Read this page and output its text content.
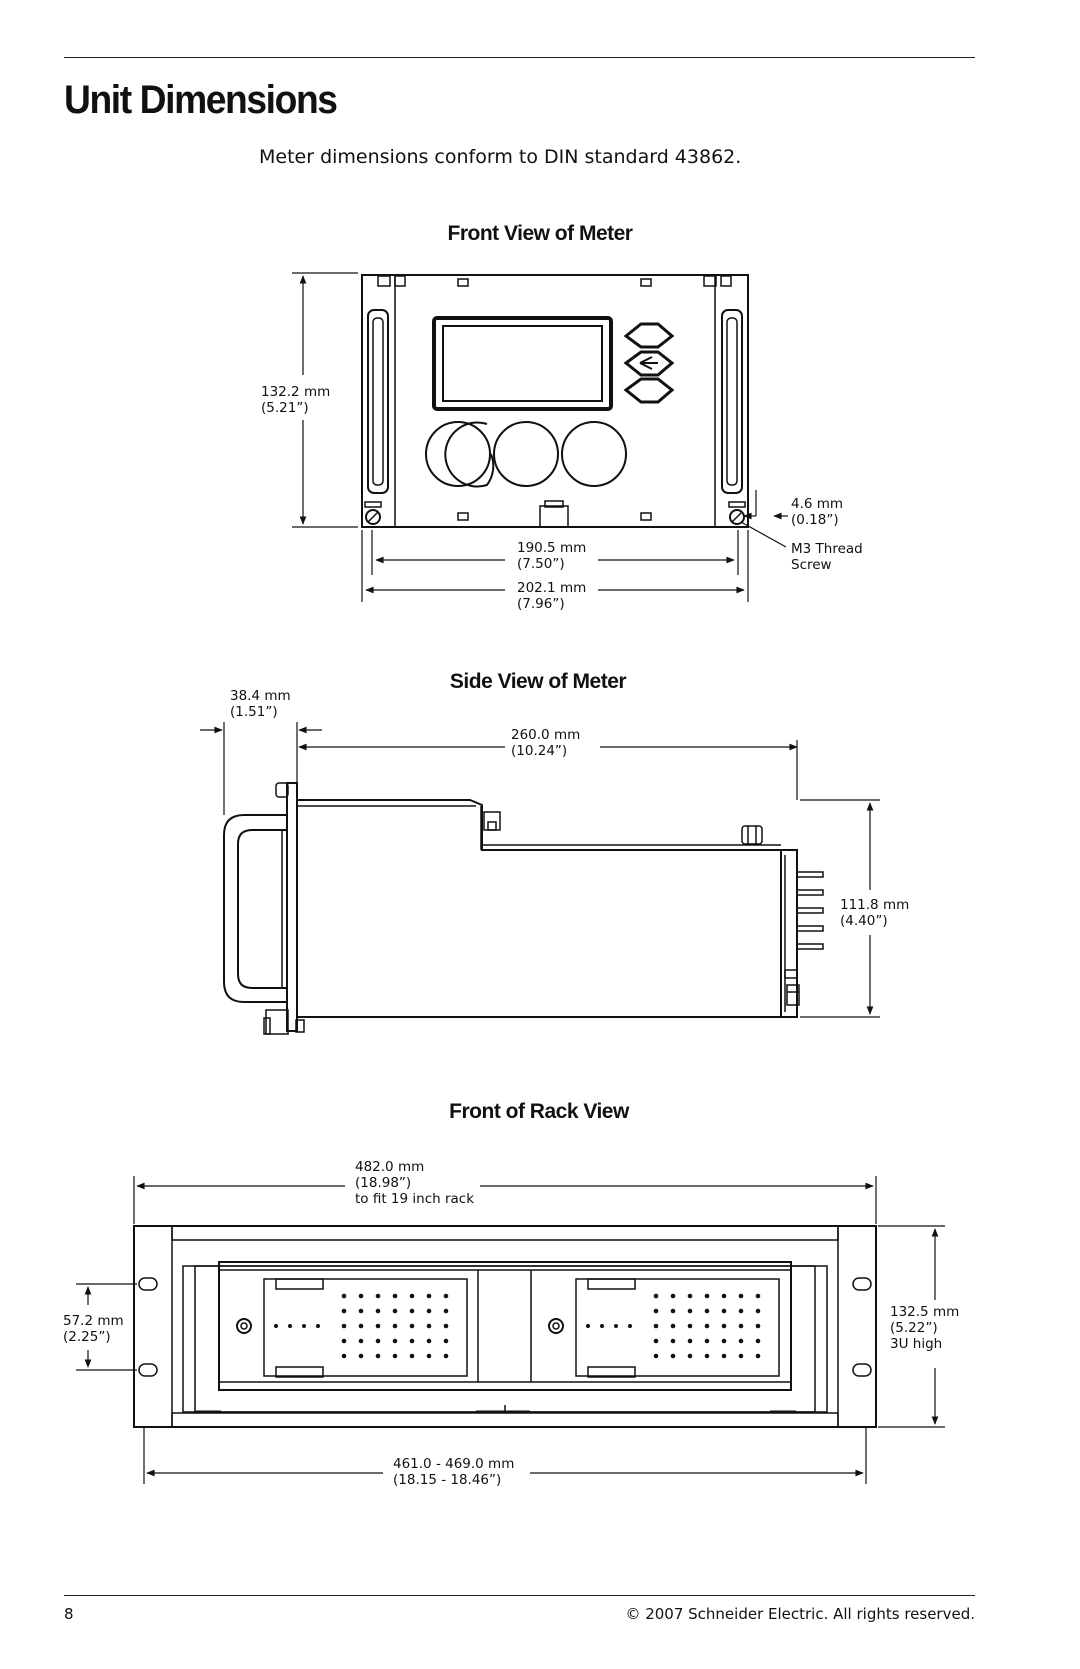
Unit Dimensions
Meter dimensions conform to DIN standard 43862.
Front View of Meter
Side View of Meter
Front of Rack View
132.2 mm
(5.21”)
190.5 mm
(7.50”)
202.1 mm
(7.96”)
4.6 mm
(0.18”)
M3 Thread
Screw
38.4 mm
(1.51”)
260.0 mm
(10.24”)
111.8 mm
(4.40”)
482.0 mm
(18.98”)
to fit 19 inch rack
57.2 mm
(2.25”)
132.5 mm
(5.22”)
3U high
461.0 - 469.0 mm
(18.15 - 18.46”)
8	© 2007 Schneider Electric. All rights reserved.
